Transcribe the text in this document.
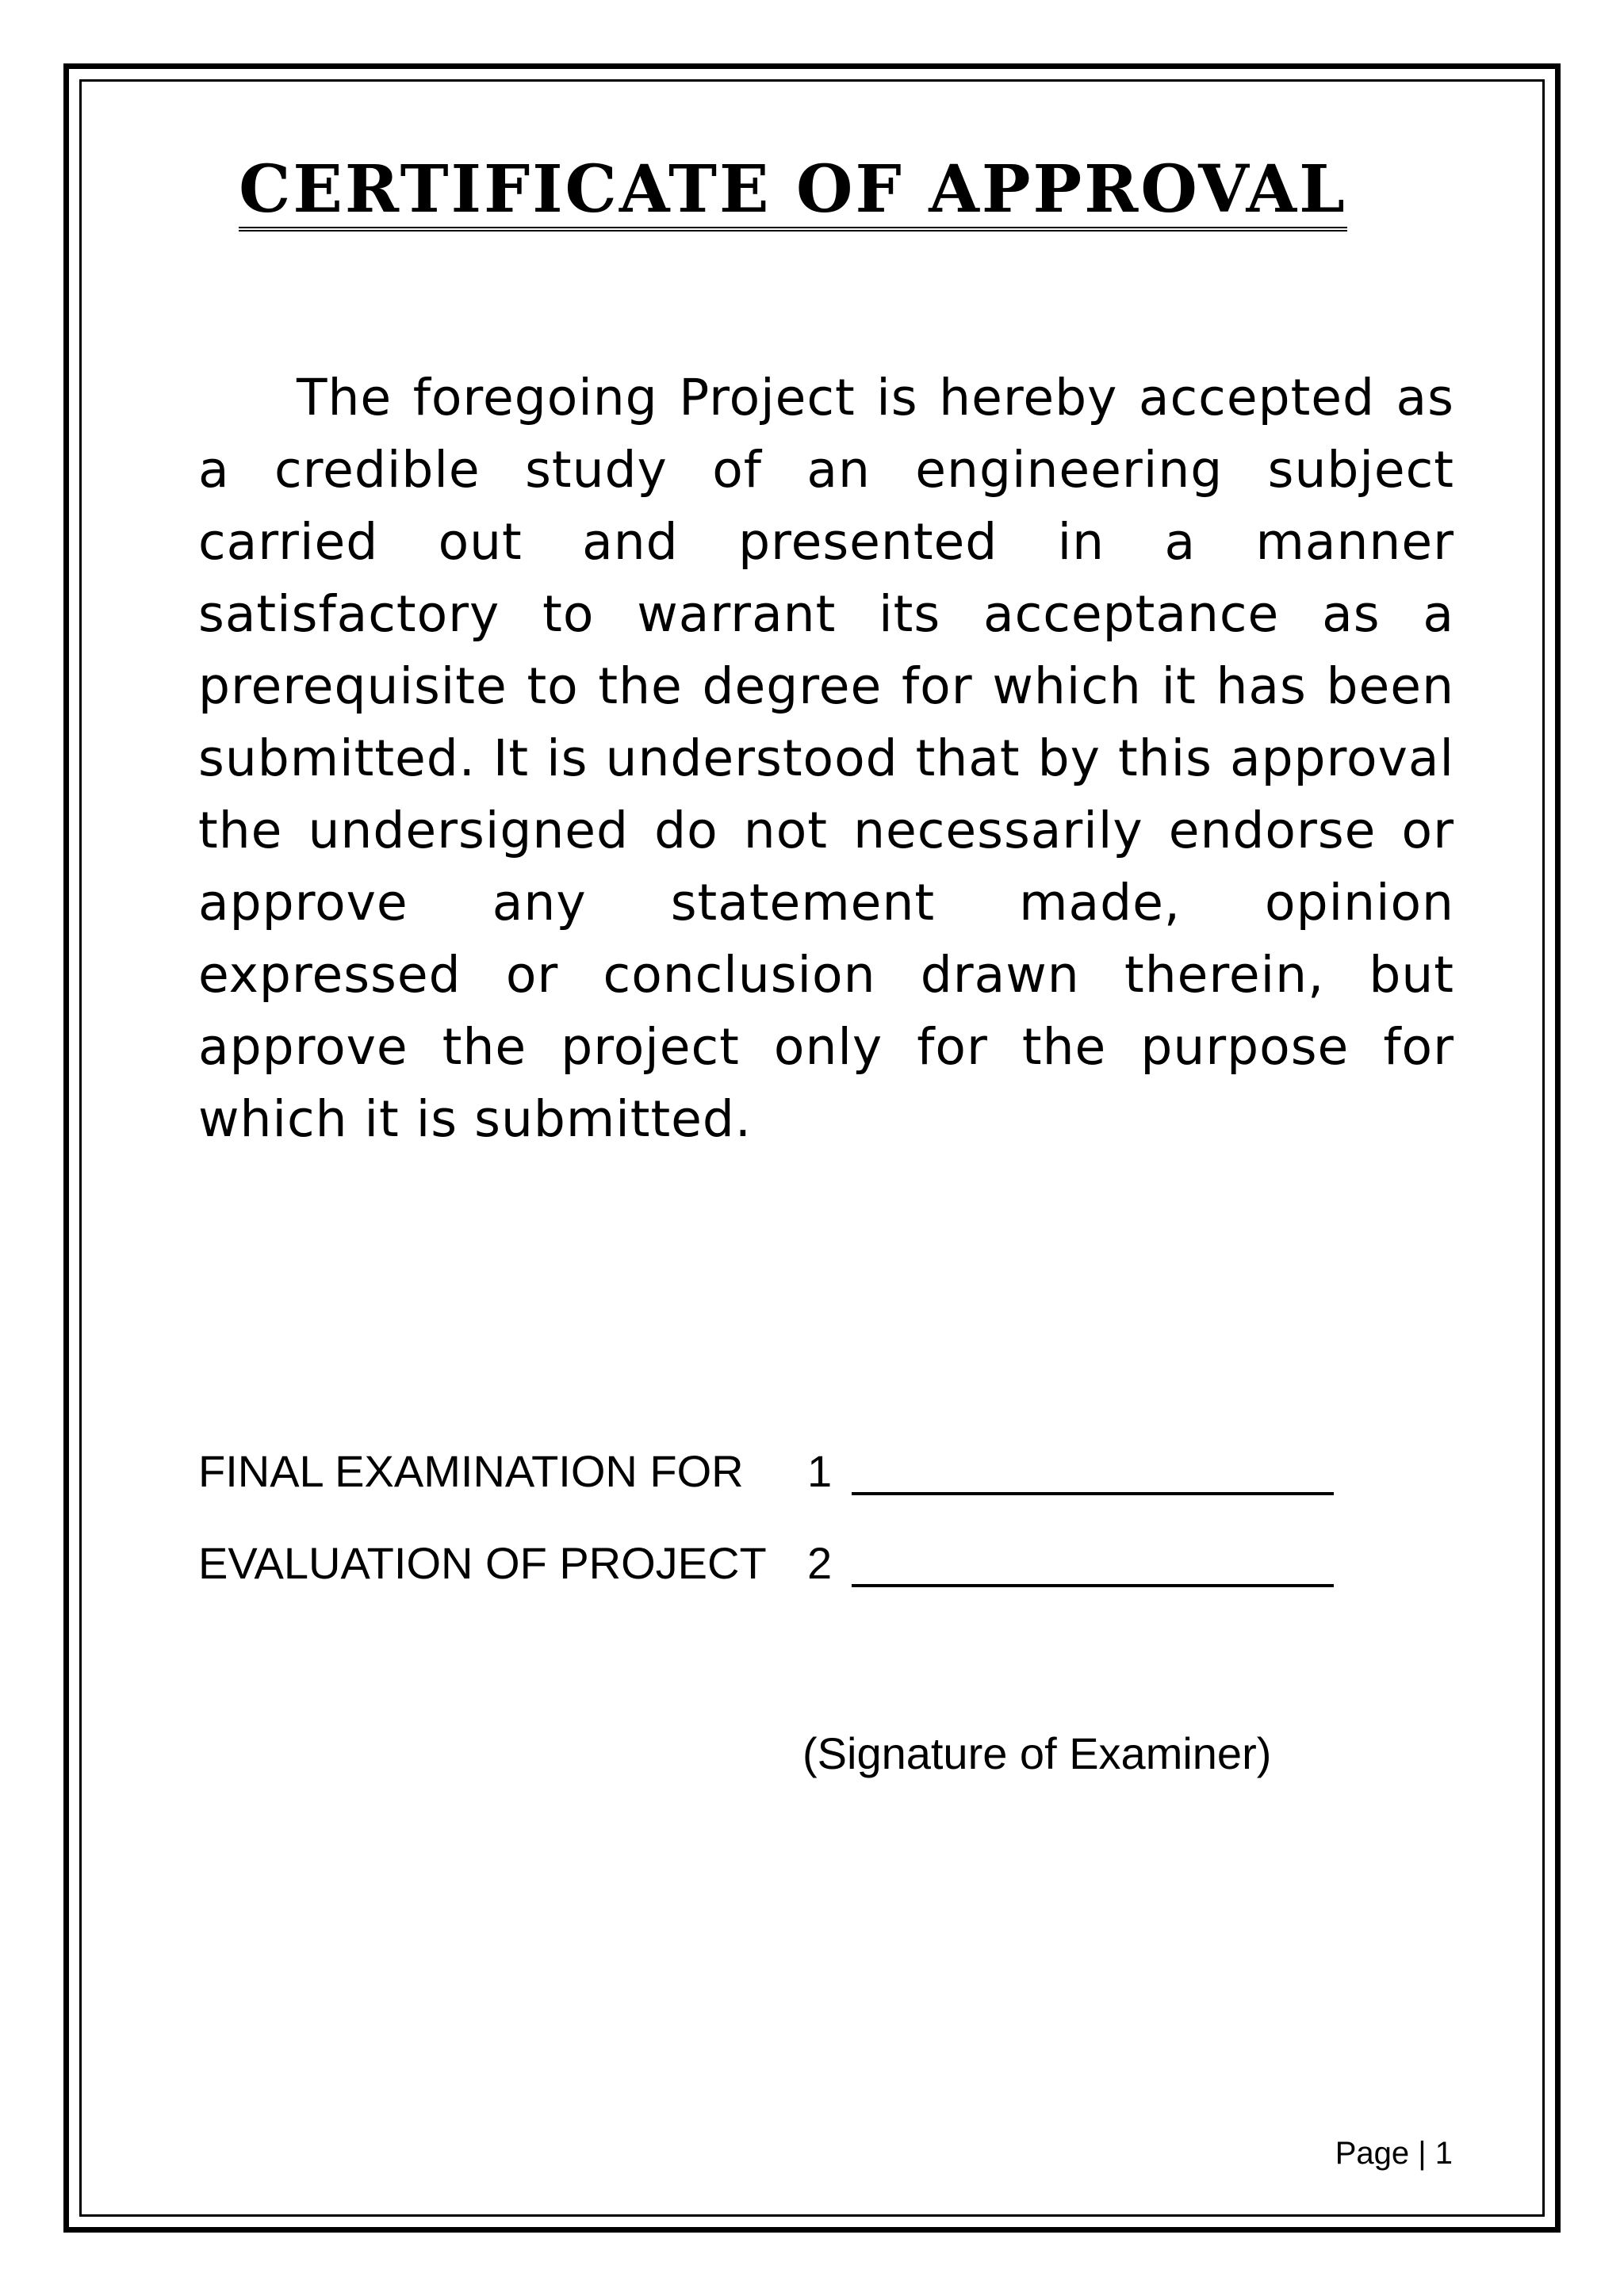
CERTIFICATE OF APPROVAL

The foregoing Project is hereby accepted as a credible study of an engineering subject carried out and presented in a manner satisfactory to warrant its acceptance as a prerequisite to the degree for which it has been submitted. It is understood that by this approval the undersigned do not necessarily endorse or approve any statement made, opinion expressed or conclusion drawn therein, but approve the project only for the purpose for which it is submitted.

FINAL EXAMINATION FOR 1
EVALUATION OF PROJECT 2
(Signature of Examiner)
Page | 1
